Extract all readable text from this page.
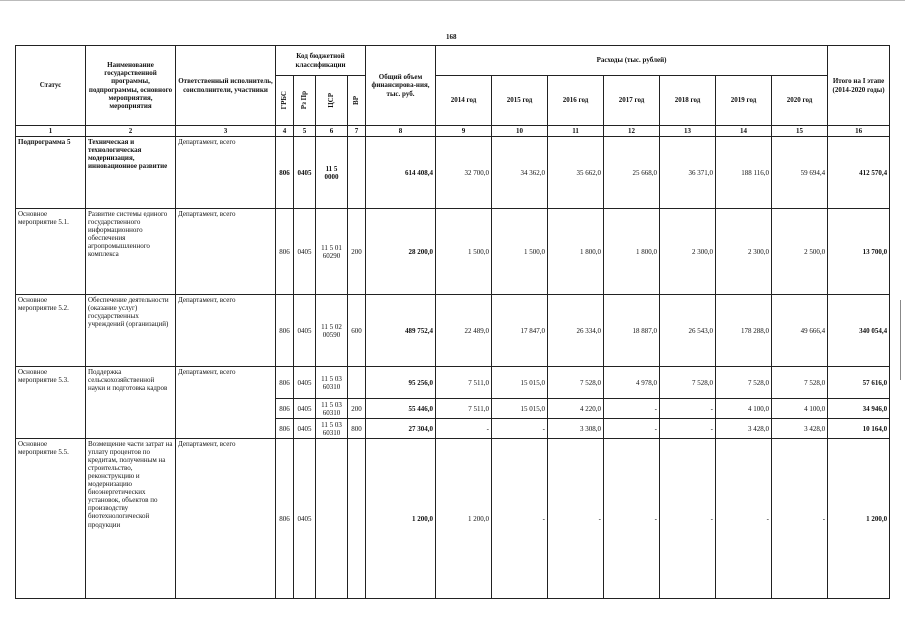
168
Статус	Наименование государственной программы, подпрограммы, основного мероприятия, мероприятия	Ответственный исполнитель, соисполнители, участники	Код бюджетной классификации				Общий объем финансирова-ния, тыс. руб.	Расходы (тыс. рублей)							Итого на I этапе (2014-2020 годы)

			ГРБС	Рз Пр	ЦСР	ВР		2014 год	2015 год	2016 год	2017 год	2018 год	2019 год	2020 год	
1	2	3	4	5	6	7	8	9	10	11	12	13	14	15	16
Подпрограмма 5	Техническая и технологическая модернизация, инновационное развитие	Департамент, всего	806	0405	11 5 0000		614 408,4	32 700,0	34 362,0	35 662,0	25 668,0	36 371,0	188 116,0	59 694,4	412 570,4
Основное мероприятие 5.1.	Развитие системы единого государственного информационного обеспечения агропромышленного комплекса	Департамент, всего	806	0405	11 5 01 60290	200	28 200,0	1 500,0	1 500,0	1 800,0	1 800,0	2 300,0	2 300,0	2 500,0	13 700,0
Основное мероприятие 5.2.	Обеспечение деятельности (оказание услуг) государственных учреждений (организаций)	Департамент, всего	806	0405	11 5 02 00590	600	489 752,4	22 489,0	17 847,0	26 334,0	18 887,0	26 543,0	178 288,0	49 666,4	340 054,4
Основное мероприятие 5.3.	Поддержка сельскохозяйственной науки и подготовка кадров	Департамент, всего	806	0405	11 5 03 60310		95 256,0	7 511,0	15 015,0	7 528,0	4 978,0	7 528,0	7 528,0	7 528,0	57 616,0
			806	0405	11 5 03 60310	200	55 446,0	7 511,0	15 015,0	4 220,0	-	-	4 100,0	4 100,0	34 946,0
			806	0405	11 5 03 60310	800	27 304,0	-	-	3 308,0	-	-	3 428,0	3 428,0	10 164,0
Основное мероприятие 5.5.	Возмещение части затрат на уплату процентов по кредитам, полученным на строительство, реконструкцию и модернизацию биоэнергетических установок, объектов по производству биотехнологической продукции	Департамент, всего	806	0405			1 200,0	1 200,0	-	-	-	-	-	-	1 200,0
